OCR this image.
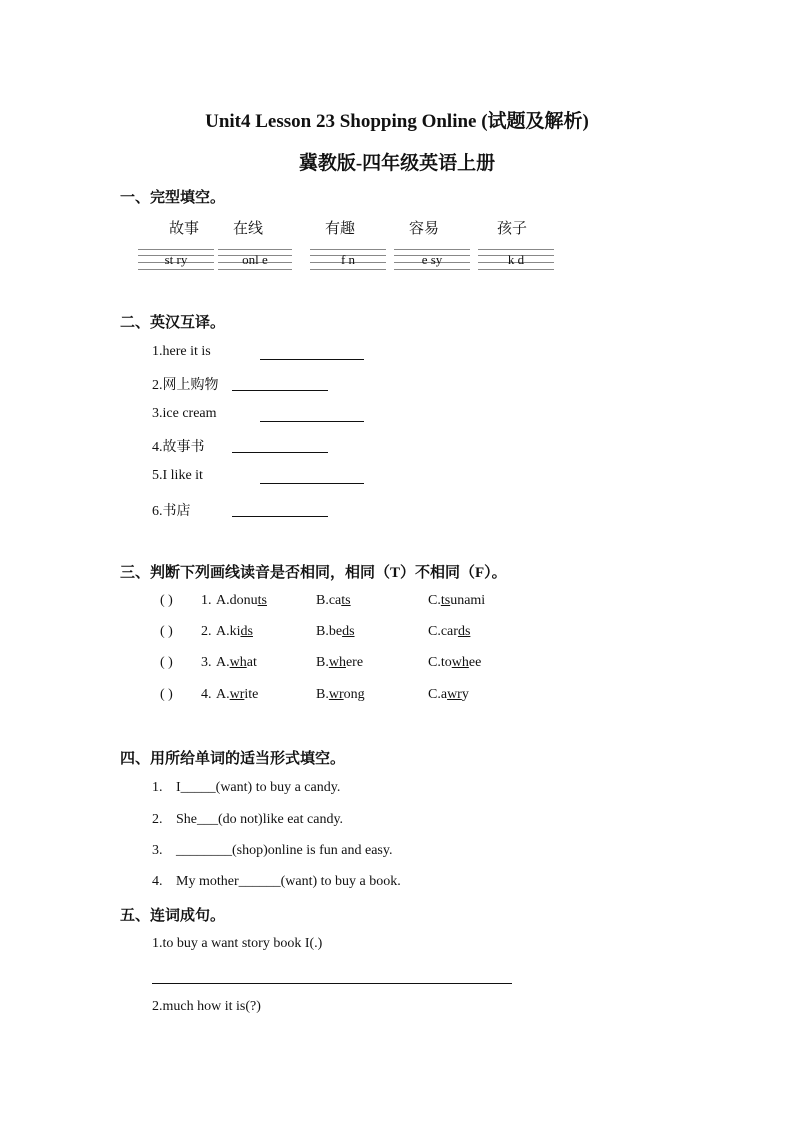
Unit4 Lesson 23 Shopping Online (试题及解析)
冀教版-四年级英语上册
一、完型填空。
故事
st ry
在线
onl e
有趣
f n
容易
e sy
孩子
k d
二、英汉互译。
1.here it is
2.网上购物
3.ice cream
4.故事书
5.I like it
6.书店
三、判断下列画线读音是否相同，相同（T）不相同（F）。
( ) 1. A.donuts	B.cats	C.tsunami
( ) 2. A.kids	B.beds	C.cards
( ) 3. A.what	B.where	C.towhee
( ) 4. A.write	B.wrong	C.awry
四、用所给单词的适当形式填空。
1. I_____(want) to buy a candy.
2. She___(do not)like eat candy.
3. ________(shop)online is fun and easy.
4. My mother______(want) to buy a book.
五、连词成句。
1.to buy a want story book I(.)
2.much how it is(?)
